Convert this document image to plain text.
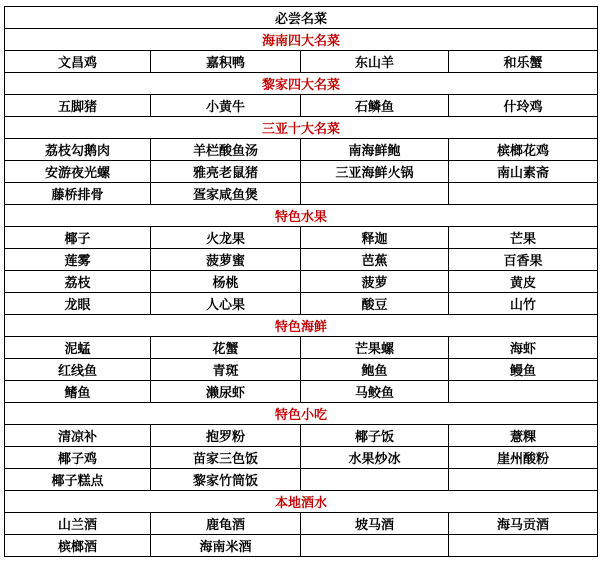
必尝名菜			
海南四大名菜			
文昌鸡	嘉积鸭	东山羊	和乐蟹
黎家四大名菜			
五脚猪	小黄牛	石鳞鱼	什玲鸡
三亚十大名菜			
荔枝勾鹅肉	羊栏酸鱼汤	南海鲜鲍	槟榔花鸡
安游夜光螺	雅亮老鼠猪	三亚海鲜火锅	南山素斋
藤桥排骨	疍家咸鱼煲		
特色水果			
椰子	火龙果	释迦	芒果
莲雾	菠萝蜜	芭蕉	百香果
荔枝	杨桃	菠萝	黄皮
龙眼	人心果	酸豆	山竹
特色海鲜			
泥蜢	花蟹	芒果螺	海虾
红线鱼	青斑	鲍鱼	鳗鱼
鳍鱼	濑尿虾	马鲛鱼	
特色小吃			
清凉补	抱罗粉	椰子饭	薏粿
椰子鸡	苗家三色饭	水果炒冰	崖州酸粉
椰子糕点	黎家竹筒饭		
本地酒水			
山兰酒	鹿龟酒	坡马酒	海马贡酒
槟榔酒	海南米酒		
